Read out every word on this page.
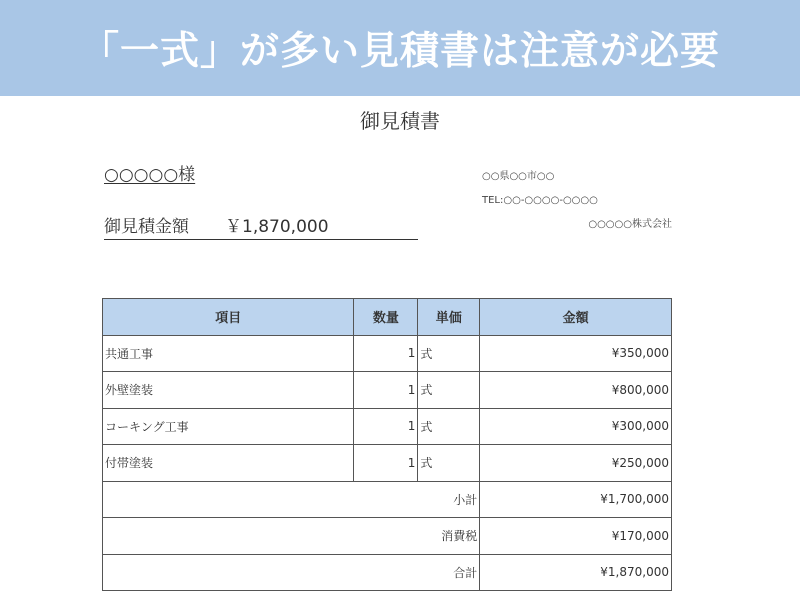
「一式」が多い見積書は注意が必要
御見積書
○○○○○様	○○県○○市○○
TEL:○○-○○○○-○○○○
○○○○○株式会社
御見積金額 ￥1,870,000
項目	数量	単価	金額
共通工事	1	式	¥350,000
外壁塗装	1	式	¥800,000
コーキング工事	1	式	¥300,000
付帯塗装	1	式	¥250,000
小計			¥1,700,000
消費税			¥170,000
合計			¥1,870,000
